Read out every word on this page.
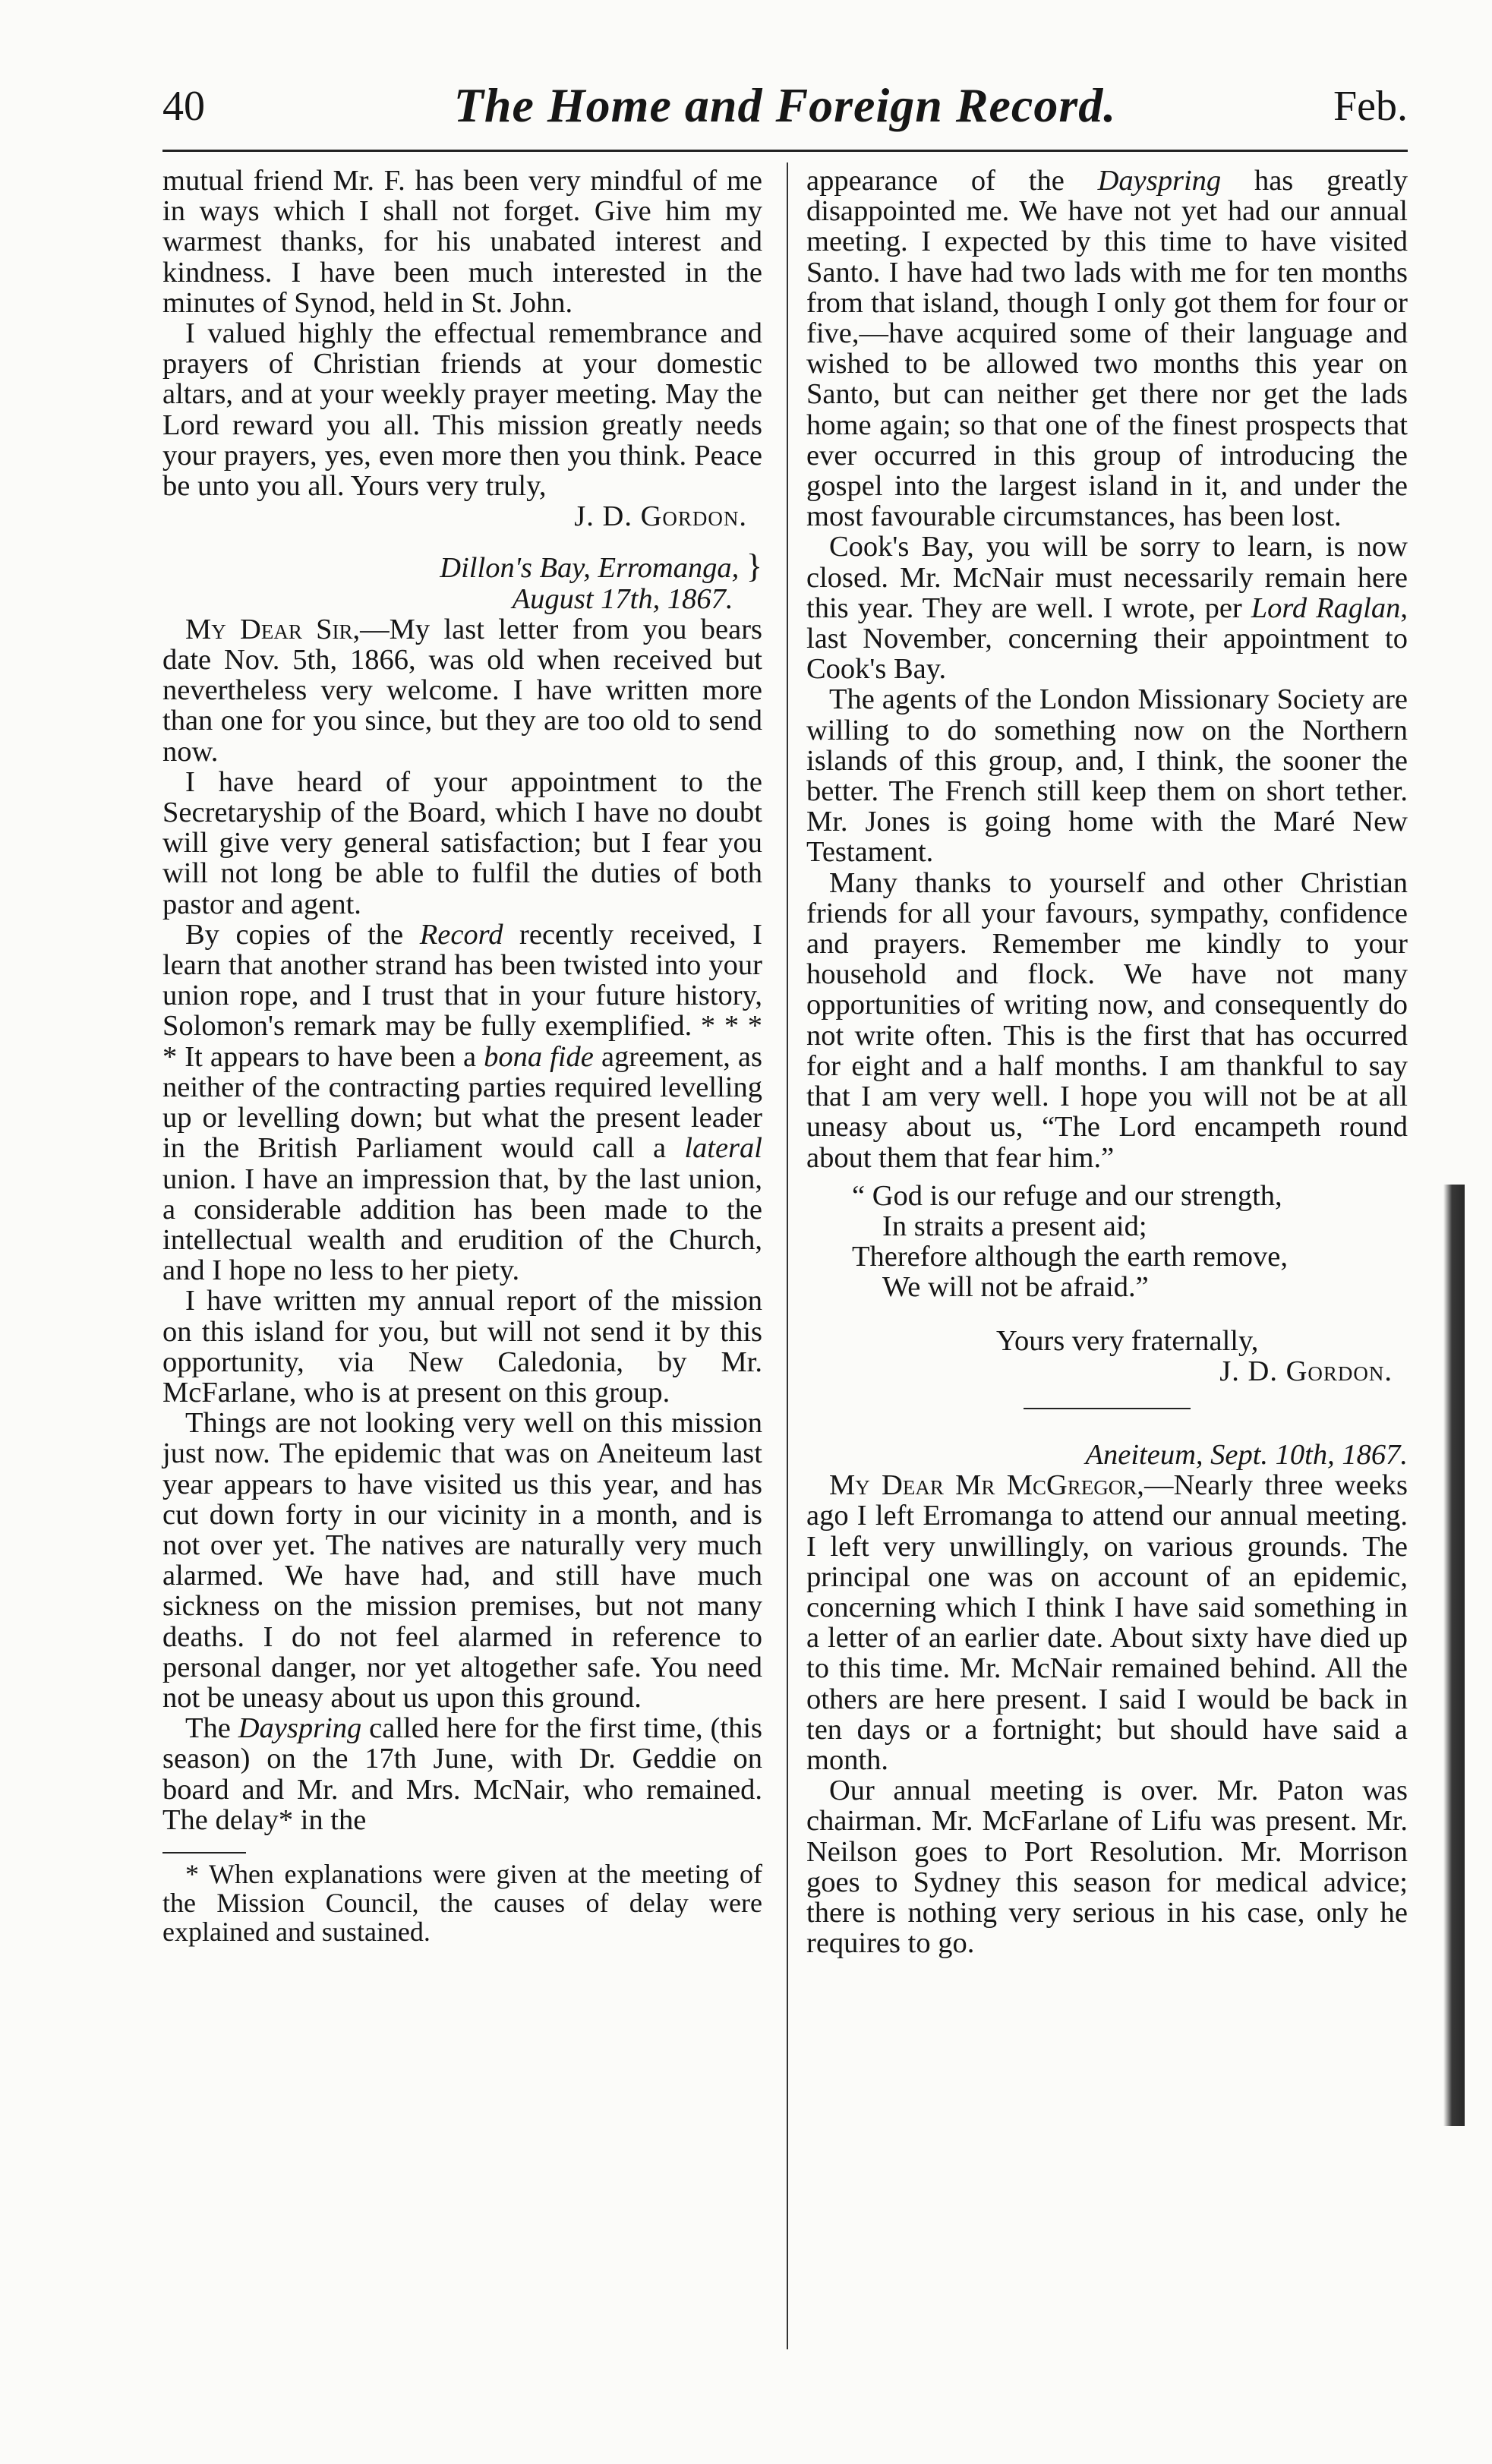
40	The Home and Foreign Record.	Feb.

mutual friend Mr. F. has been very mindful of me in ways which I shall not forget. Give him my warmest thanks, for his unabated interest and kindness. I have been much interested in the minutes of Synod, held in St. John.

I valued highly the effectual remembrance and prayers of Christian friends at your domestic altars, and at your weekly prayer meeting. May the Lord reward you all. This mission greatly needs your prayers, yes, even more then you think. Peace be unto you all. Yours very truly,

J. D. Gordon.

Dillon's Bay, Erromanga, }
August 17th, 1867.

My Dear Sir,—My last letter from you bears date Nov. 5th, 1866, was old when received but nevertheless very welcome. I have written more than one for you since, but they are too old to send now.

I have heard of your appointment to the Secretaryship of the Board, which I have no doubt will give very general satisfaction; but I fear you will not long be able to fulfil the duties of both pastor and agent.

By copies of the Record recently received, I learn that another strand has been twisted into your union rope, and I trust that in your future history, Solomon's remark may be fully exemplified. * * * * It appears to have been a bona fide agreement, as neither of the contracting parties required levelling up or levelling down; but what the present leader in the British Parliament would call a lateral union. I have an impression that, by the last union, a considerable addition has been made to the intellectual wealth and erudition of the Church, and I hope no less to her piety.

I have written my annual report of the mission on this island for you, but will not send it by this opportunity, via New Caledonia, by Mr. McFarlane, who is at present on this group.

Things are not looking very well on this mission just now. The epidemic that was on Aneiteum last year appears to have visited us this year, and has cut down forty in our vicinity in a month, and is not over yet. The natives are naturally very much alarmed. We have had, and still have much sickness on the mission premises, but not many deaths. I do not feel alarmed in reference to personal danger, nor yet altogether safe. You need not be uneasy about us upon this ground.

The Dayspring called here for the first time, (this season) on the 17th June, with Dr. Geddie on board and Mr. and Mrs. McNair, who remained. The delay* in the

* When explanations were given at the meeting of the Mission Council, the causes of delay were explained and sustained.

appearance of the Dayspring has greatly disappointed me. We have not yet had our annual meeting. I expected by this time to have visited Santo. I have had two lads with me for ten months from that island, though I only got them for four or five,—have acquired some of their language and wished to be allowed two months this year on Santo, but can neither get there nor get the lads home again; so that one of the finest prospects that ever occurred in this group of introducing the gospel into the largest island in it, and under the most favourable circumstances, has been lost.

Cook's Bay, you will be sorry to learn, is now closed. Mr. McNair must necessarily remain here this year. They are well. I wrote, per Lord Raglan, last November, concerning their appointment to Cook's Bay.

The agents of the London Missionary Society are willing to do something now on the Northern islands of this group, and, I think, the sooner the better. The French still keep them on short tether. Mr. Jones is going home with the Maré New Testament.

Many thanks to yourself and other Christian friends for all your favours, sympathy, confidence and prayers. Remember me kindly to your household and flock. We have not many opportunities of writing now, and consequently do not write often. This is the first that has occurred for eight and a half months. I am thankful to say that I am very well. I hope you will not be at all uneasy about us, “The Lord encampeth round about them that fear him.”

“ God is our refuge and our strength,
In straits a present aid;
Therefore although the earth remove,
We will not be afraid.”

Yours very fraternally,

J. D. Gordon.

Aneiteum, Sept. 10th, 1867.

My Dear Mr McGregor,—Nearly three weeks ago I left Erromanga to attend our annual meeting. I left very unwillingly, on various grounds. The principal one was on account of an epidemic, concerning which I think I have said something in a letter of an earlier date. About sixty have died up to this time. Mr. McNair remained behind. All the others are here present. I said I would be back in ten days or a fortnight; but should have said a month.

Our annual meeting is over. Mr. Paton was chairman. Mr. McFarlane of Lifu was present. Mr. Neilson goes to Port Resolution. Mr. Morrison goes to Sydney this season for medical advice; there is nothing very serious in his case, only he requires to go.
